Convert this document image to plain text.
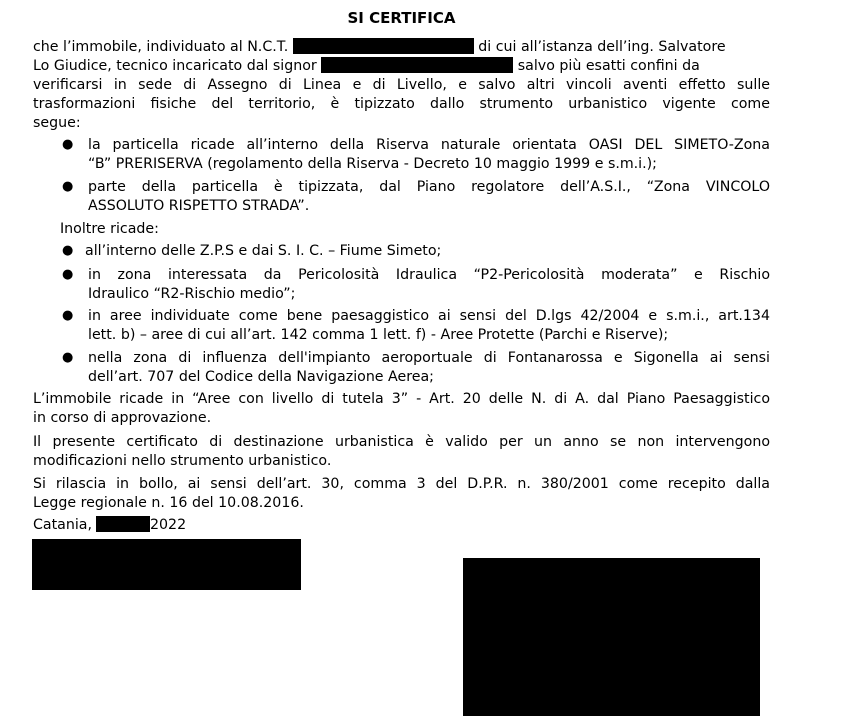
SI CERTIFICA
che l’immobile, individuato al N.C.T.	di cui all’istanza dell’ing. Salvatore
Lo Giudice, tecnico incaricato dal signor	salvo più esatti confini da
verificarsi in sede di Assegno di Linea e di Livello, e salvo altri vincoli aventi effetto sulle
trasformazioni fisiche del territorio, è tipizzato dallo strumento urbanistico vigente come
segue:
● la particella ricade all’interno della Riserva naturale orientata OASI DEL SIMETO-Zona
“B” PRERISERVA (regolamento della Riserva - Decreto 10 maggio 1999 e s.m.i.);
● parte della particella è tipizzata, dal Piano regolatore dell’A.S.I., “Zona VINCOLO
ASSOLUTO RISPETTO STRADA”.
Inoltre ricade:
● all’interno delle Z.P.S e dai S. I. C. – Fiume Simeto;
● in zona interessata da Pericolosità Idraulica “P2-Pericolosità moderata” e Rischio
Idraulico “R2-Rischio medio”;
● in aree individuate come bene paesaggistico ai sensi del D.lgs 42/2004 e s.m.i., art.134
lett. b) – aree di cui all’art. 142 comma 1 lett. f) - Aree Protette (Parchi e Riserve);
● nella zona di influenza dell'impianto aeroportuale di Fontanarossa e Sigonella ai sensi
dell’art. 707 del Codice della Navigazione Aerea;
L’immobile ricade in “Aree con livello di tutela 3” - Art. 20 delle N. di A. dal Piano Paesaggistico
in corso di approvazione.
Il presente certificato di destinazione urbanistica è valido per un anno se non intervengono
modificazioni nello strumento urbanistico.
Si rilascia in bollo, ai sensi dell’art. 30, comma 3 del D.P.R. n. 380/2001 come recepito dalla
Legge regionale n. 16 del 10.08.2016.
Catania,	2022
